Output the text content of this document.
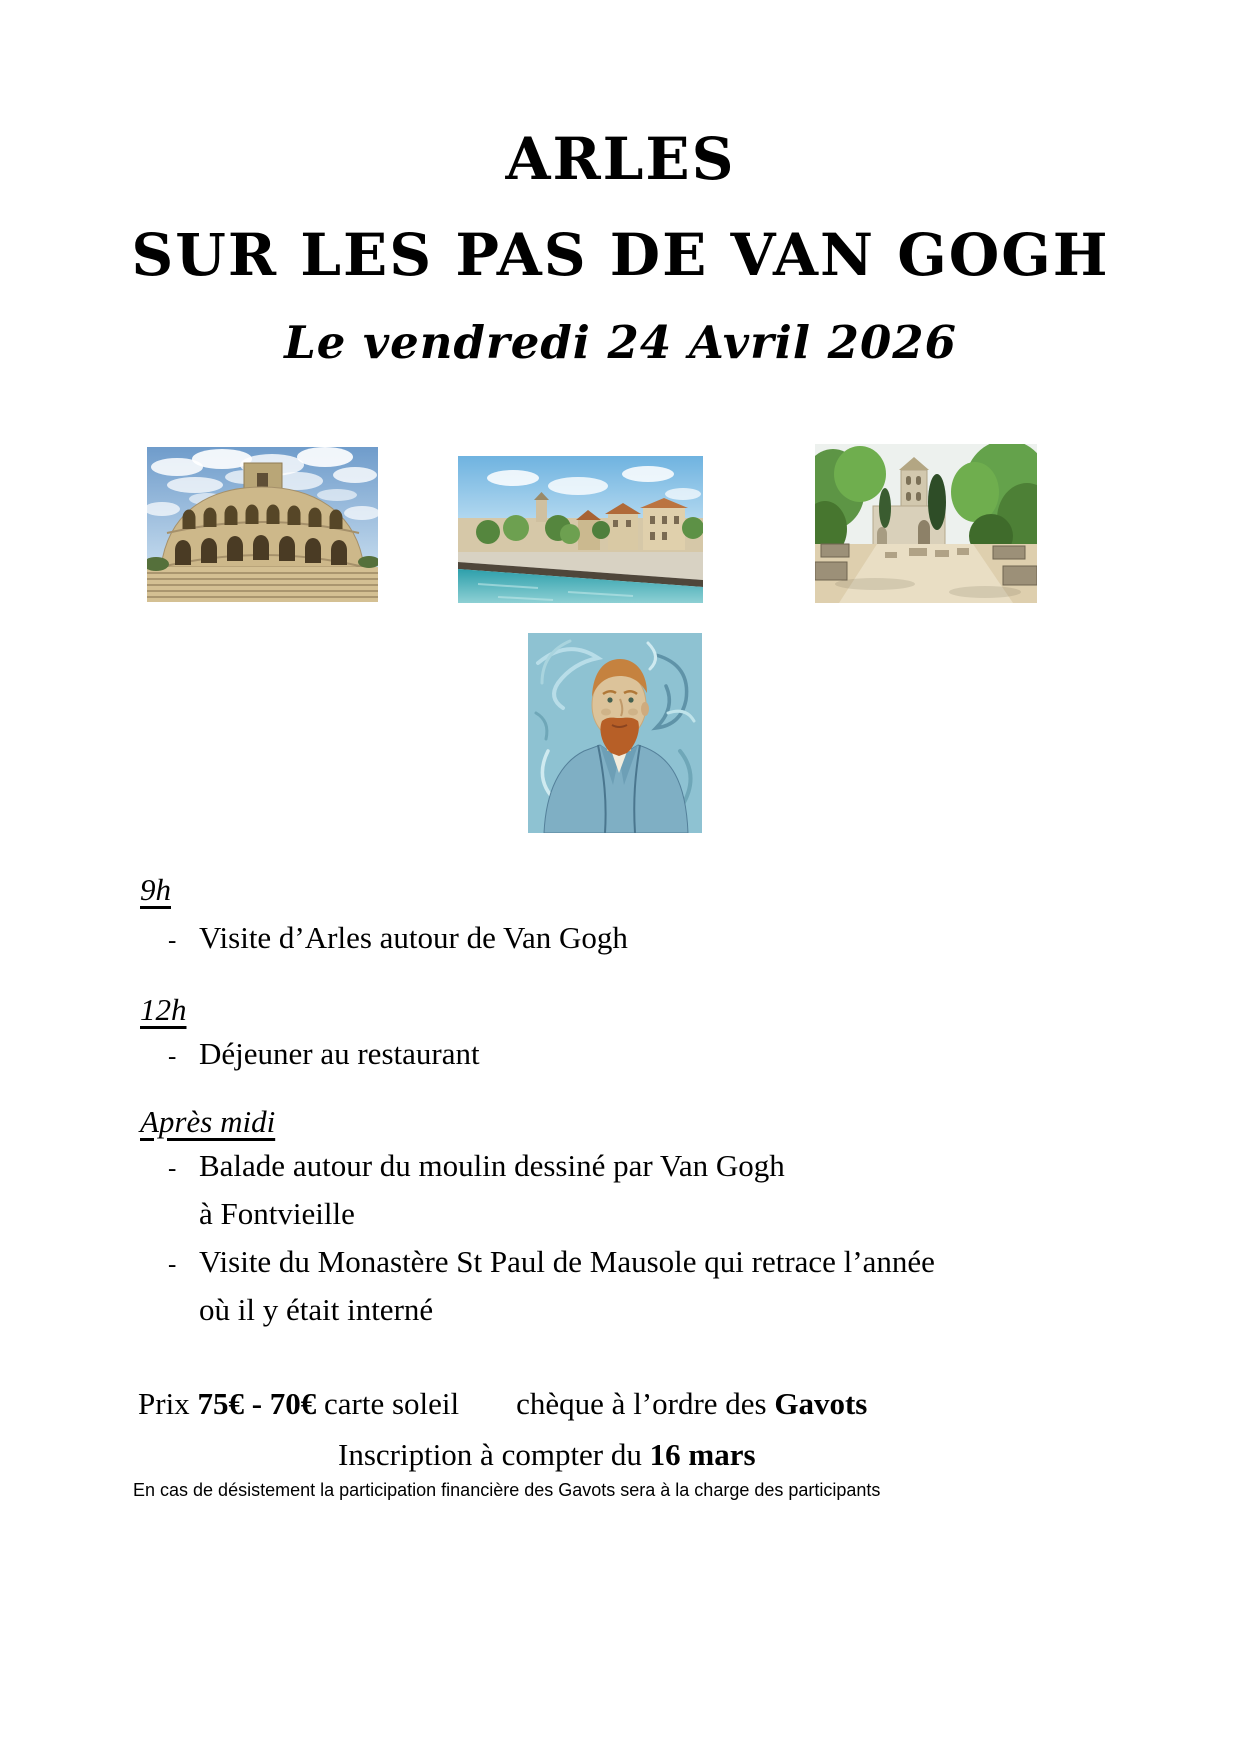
ARLES
SUR LES PAS DE VAN GOGH
Le vendredi 24 Avril 2026
9h
- Visite d’Arles autour de Van Gogh
12h
- Déjeuner au restaurant
Après midi
- Balade autour du moulin dessiné par Van Gogh
à Fontvieille
- Visite du Monastère St Paul de Mausole qui retrace l’année
où il y était interné
Prix 75€ - 70€ carte soleil chèque à l’ordre des Gavots
Inscription à compter du 16 mars
En cas de désistement la participation financière des Gavots sera à la charge des participants
